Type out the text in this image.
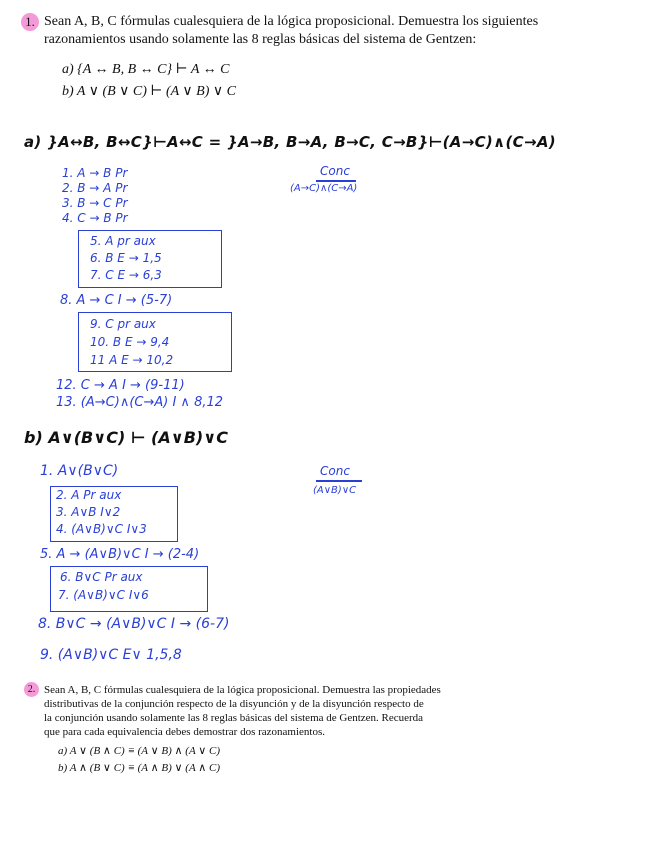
1. Sean A, B, C fórmulas cualesquiera de la lógica proposicional. Demuestra los siguientes
razonamientos usando solamente las 8 reglas básicas del sistema de Gentzen:
a) {A ↔ B, B ↔ C} ⊢ A ↔ C
b) A ∨ (B ∨ C) ⊢ (A ∨ B) ∨ C
a) }A↔B, B↔C}⊢A↔C = }A→B, B→A, B→C, C→B}⊢(A→C)∧(C→A)
1. A → B Pr
2. B → A Pr
3. B → C Pr
4. C → B Pr
Conc
(A→C)∧(C→A)
5. A pr aux
6. B E → 1,5
7. C E → 6,3
8. A → C I → (5-7)
9. C pr aux
10. B E → 9,4
11 A E → 10,2
12. C → A I → (9-11)
13. (A→C)∧(C→A) I ∧ 8,12
b) A∨(B∨C) ⊢ (A∨B)∨C
1. A∨(B∨C)	Conc
(A∨B)∨C
2. A Pr aux
3. A∨B I∨2
4. (A∨B)∨C I∨3
5. A → (A∨B)∨C I → (2-4)
6. B∨C Pr aux
7. (A∨B)∨C I∨6
8. B∨C → (A∨B)∨C I → (6-7)
9. (A∨B)∨C E∨ 1,5,8
2. Sean A, B, C fórmulas cualesquiera de la lógica proposicional. Demuestra las propiedades
distributivas de la conjunción respecto de la disyunción y de la disyunción respecto de
la conjunción usando solamente las 8 reglas básicas del sistema de Gentzen. Recuerda
que para cada equivalencia debes demostrar dos razonamientos.
a) A ∨ (B ∧ C) ≡ (A ∨ B) ∧ (A ∨ C)
b) A ∧ (B ∨ C) ≡ (A ∧ B) ∨ (A ∧ C)
